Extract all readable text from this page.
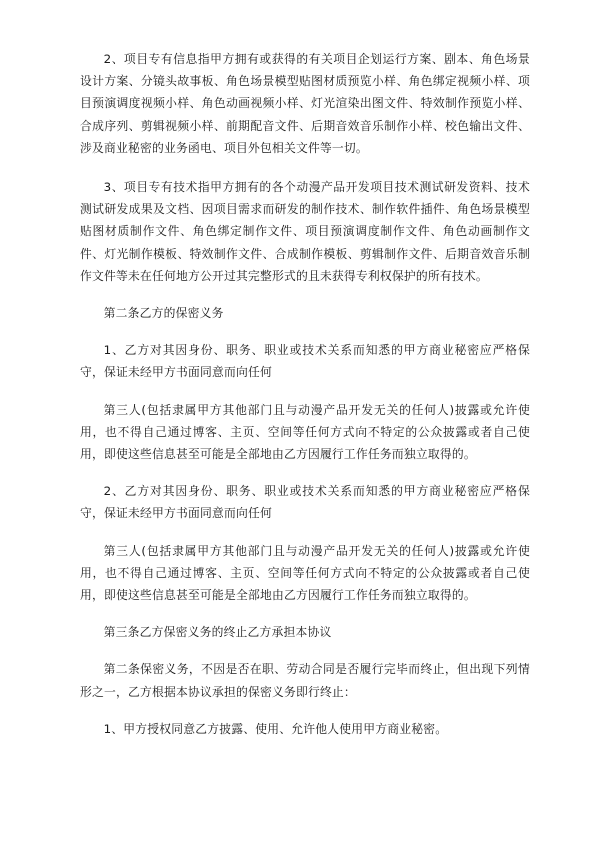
2、项目专有信息指甲方拥有或获得的有关项目企划运行方案、剧本、角色场景设计方案、分镜头故事板、角色场景模型贴图材质预览小样、角色绑定视频小样、项目预演调度视频小样、角色动画视频小样、灯光渲染出图文件、特效制作预览小样、合成序列、剪辑视频小样、前期配音文件、后期音效音乐制作小样、校色输出文件、涉及商业秘密的业务函电、项目外包相关文件等一切。

3、项目专有技术指甲方拥有的各个动漫产品开发项目技术测试研发资料、技术测试研发成果及文档、因项目需求而研发的制作技术、制作软件插件、角色场景模型贴图材质制作文件、角色绑定制作文件、项目预演调度制作文件、角色动画制作文件、灯光制作模板、特效制作文件、合成制作模板、剪辑制作文件、后期音效音乐制作文件等未在任何地方公开过其完整形式的且未获得专利权保护的所有技术。

第二条乙方的保密义务

1、乙方对其因身份、职务、职业或技术关系而知悉的甲方商业秘密应严格保守，保证未经甲方书面同意而向任何

第三人(包括隶属甲方其他部门且与动漫产品开发无关的任何人)披露或允许使用，也不得自己通过博客、主页、空间等任何方式向不特定的公众披露或者自己使用，即使这些信息甚至可能是全部地由乙方因履行工作任务而独立取得的。

2、乙方对其因身份、职务、职业或技术关系而知悉的甲方商业秘密应严格保守，保证未经甲方书面同意而向任何

第三人(包括隶属甲方其他部门且与动漫产品开发无关的任何人)披露或允许使用，也不得自己通过博客、主页、空间等任何方式向不特定的公众披露或者自己使用，即使这些信息甚至可能是全部地由乙方因履行工作任务而独立取得的。

第三条乙方保密义务的终止乙方承担本协议

第二条保密义务，不因是否在职、劳动合同是否履行完毕而终止，但出现下列情形之一，乙方根据本协议承担的保密义务即行终止：

1、甲方授权同意乙方披露、使用、允许他人使用甲方商业秘密。
